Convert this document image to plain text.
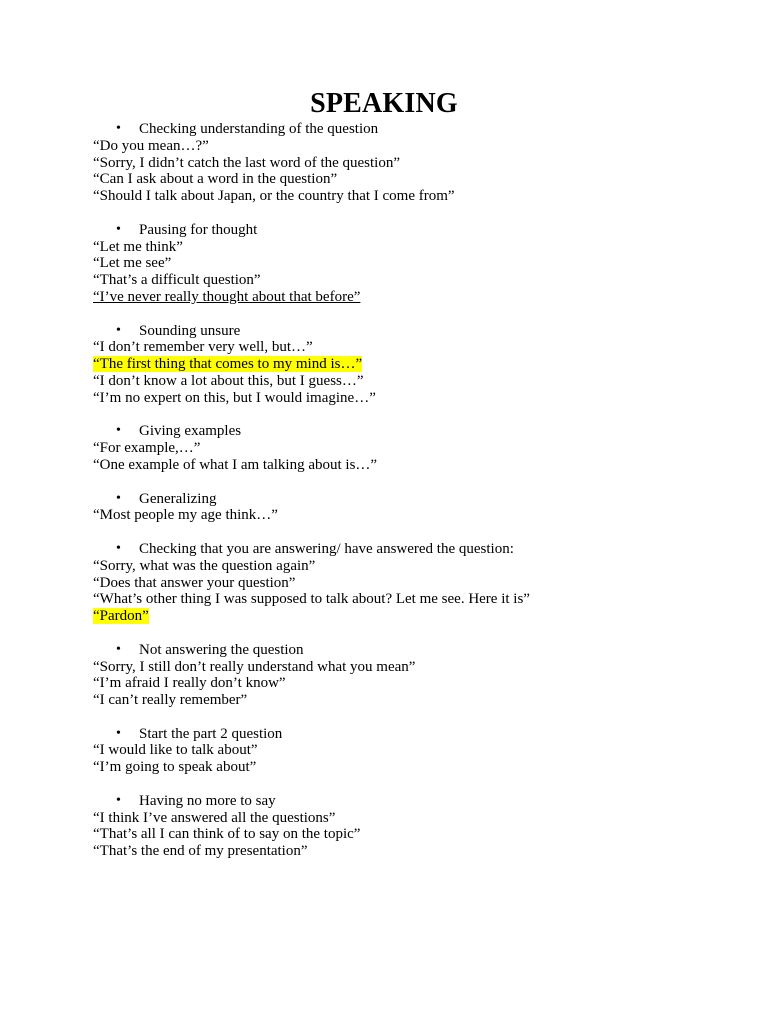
SPEAKING
• Checking understanding of the question
“Do you mean…?”
“Sorry, I didn’t catch the last word of the question”
“Can I ask about a word in the question”
“Should I talk about Japan, or the country that I come from”
• Pausing for thought
“Let me think”
“Let me see”
“That’s a difficult question”
“I’ve never really thought about that before”
• Sounding unsure
“I don’t remember very well, but…”
“The first thing that comes to my mind is…”
“I don’t know a lot about this, but I guess…”
“I’m no expert on this, but I would imagine…”
• Giving examples
“For example,…”
“One example of what I am talking about is…”
• Generalizing
“Most people my age think…”
• Checking that you are answering/ have answered the question:
“Sorry, what was the question again”
“Does that answer your question”
“What’s other thing I was supposed to talk about? Let me see. Here it is”
“Pardon”
• Not answering the question
“Sorry, I still don’t really understand what you mean”
“I’m afraid I really don’t know”
“I can’t really remember”
• Start the part 2 question
“I would like to talk about”
“I’m going to speak about”
• Having no more to say
“I think I’ve answered all the questions”
“That’s all I can think of to say on the topic”
“That’s the end of my presentation”
